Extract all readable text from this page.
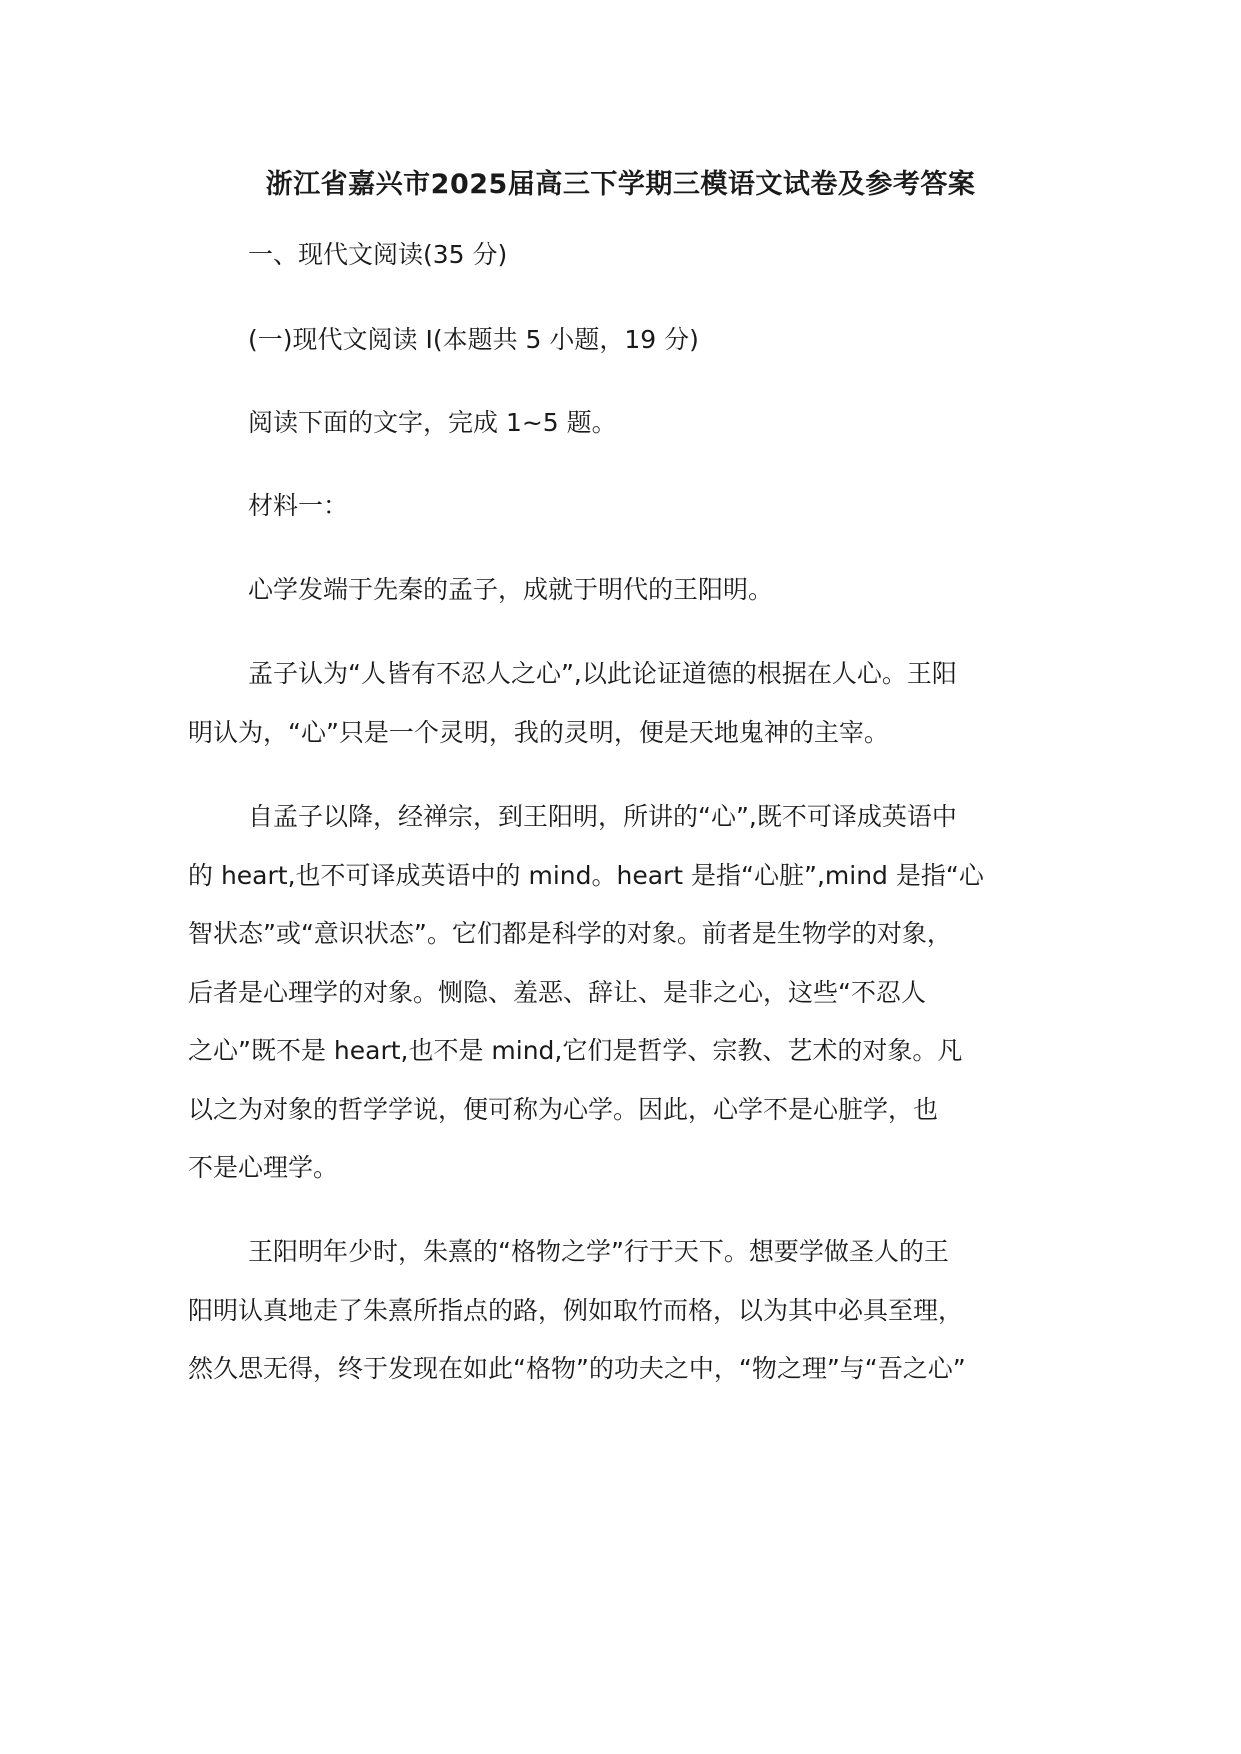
浙江省嘉兴市2025届高三下学期三模语文试卷及参考答案
一、现代文阅读(35 分)
(一)现代文阅读 I(本题共 5 小题，19 分)
阅读下面的文字，完成 1~5 题。
材料一：
心学发端于先秦的孟子，成就于明代的王阳明。
孟子认为“人皆有不忍人之心”,以此论证道德的根据在人心。王阳
明认为，“心”只是一个灵明，我的灵明，便是天地鬼神的主宰。
自孟子以降，经禅宗，到王阳明，所讲的“心”,既不可译成英语中
的 heart,也不可译成英语中的 mind。heart 是指“心脏”,mind 是指“心
智状态”或“意识状态”。它们都是科学的对象。前者是生物学的对象，
后者是心理学的对象。恻隐、羞恶、辞让、是非之心，这些“不忍人
之心”既不是 heart,也不是 mind,它们是哲学、宗教、艺术的对象。凡
以之为对象的哲学学说，便可称为心学。因此，心学不是心脏学，也
不是心理学。
王阳明年少时，朱熹的“格物之学”行于天下。想要学做圣人的王
阳明认真地走了朱熹所指点的路，例如取竹而格，以为其中必具至理，
然久思无得，终于发现在如此“格物”的功夫之中，“物之理”与“吾之心”
